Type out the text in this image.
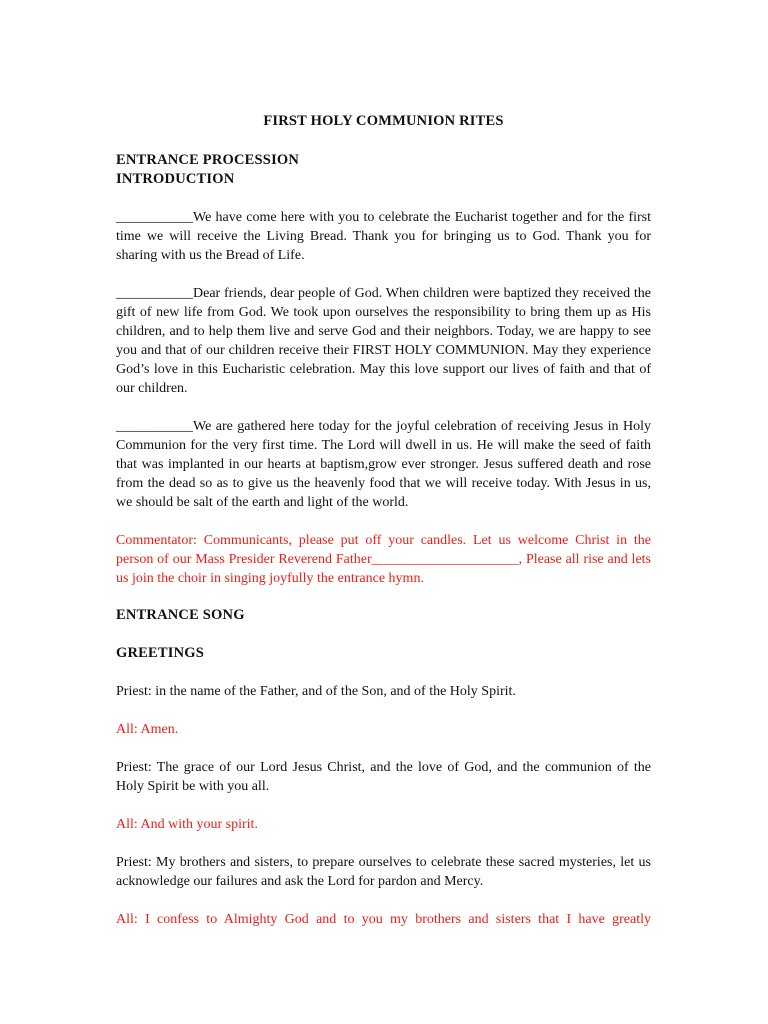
FIRST HOLY COMMUNION RITES
ENTRANCE PROCESSION
INTRODUCTION

___________We have come here with you to celebrate the Eucharist together and for the first time we will receive the Living Bread. Thank you for bringing us to God. Thank you for sharing with us the Bread of Life.

___________Dear friends, dear people of God. When children were baptized they received the gift of new life from God. We took upon ourselves the responsibility to bring them up as His children, and to help them live and serve God and their neighbors. Today, we are happy to see you and that of our children receive their FIRST HOLY COMMUNION. May they experience God’s love in this Eucharistic celebration. May this love support our lives of faith and that of our children.

___________We are gathered here today for the joyful celebration of receiving Jesus in Holy Communion for the very first time. The Lord will dwell in us. He will make the seed of faith that was implanted in our hearts at baptism,grow ever stronger. Jesus suffered death and rose from the dead so as to give us the heavenly food that we will receive today. With Jesus in us, we should be salt of the earth and light of the world.

Commentator: Communicants, please put off your candles. Let us welcome Christ in the person of our Mass Presider Reverend Father_____________________, Please all rise and lets us join the choir in singing joyfully the entrance hymn.

ENTRANCE SONG
GREETINGS

Priest: in the name of the Father, and of the Son, and of the Holy Spirit.

All: Amen.

Priest: The grace of our Lord Jesus Christ, and the love of God, and the communion of the Holy Spirit be with you all.

All: And with your spirit.

Priest: My brothers and sisters, to prepare ourselves to celebrate these sacred mysteries, let us acknowledge our failures and ask the Lord for pardon and Mercy.

All: I confess to Almighty God and to you my brothers and sisters that I have greatly
